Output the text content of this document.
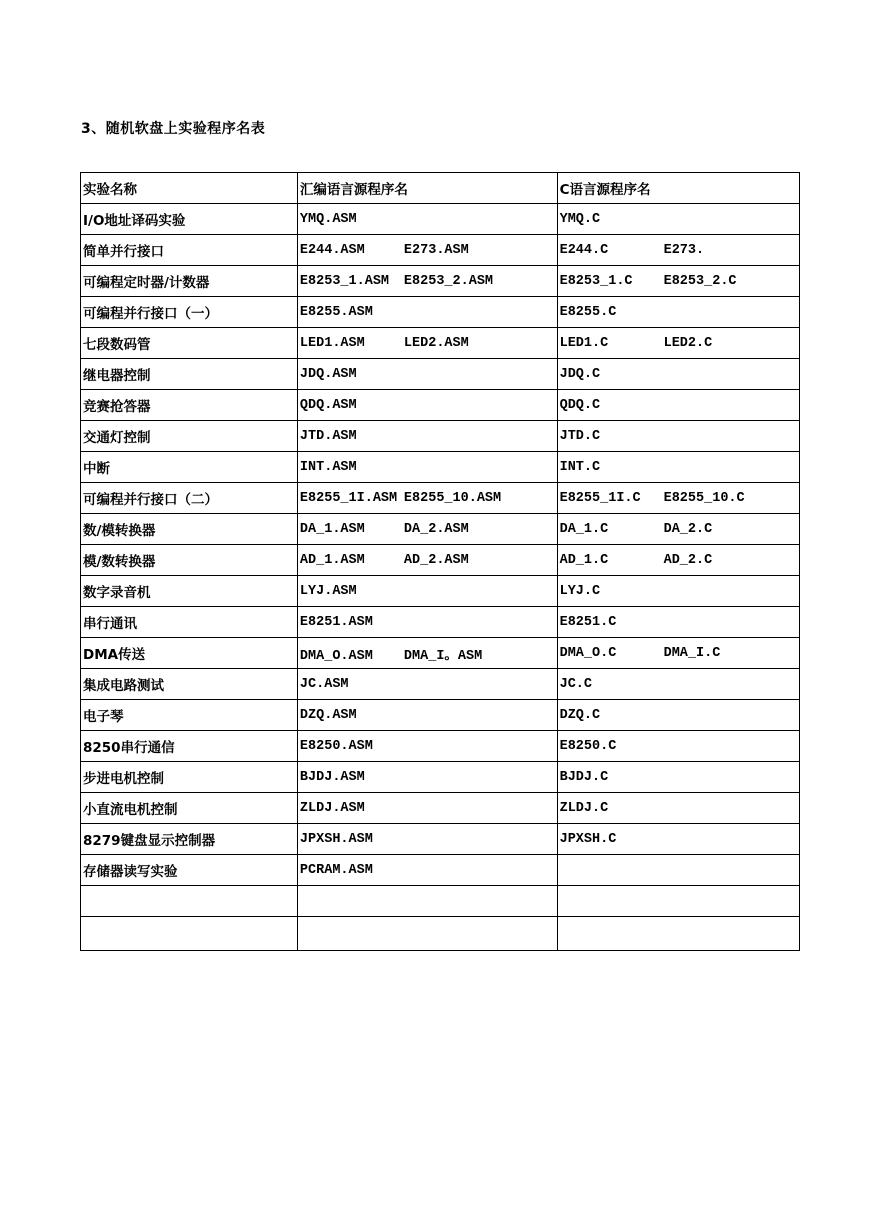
3、随机软盘上实验程序名表
实验名称	汇编语言源程序名	C语言源程序名
I/O地址译码实验	YMQ.ASM	YMQ.C
简单并行接口	E244.ASM E273.ASM	E244.C E273.
可编程定时器/计数器	E8253_1.ASM E8253_2.ASM	E8253_1.C E8253_2.C
可编程并行接口（一）	E8255.ASM	E8255.C
七段数码管	LED1.ASM LED2.ASM	LED1.C LED2.C
继电器控制	JDQ.ASM	JDQ.C
竞赛抢答器	QDQ.ASM	QDQ.C
交通灯控制	JTD.ASM	JTD.C
中断	INT.ASM	INT.C
可编程并行接口（二）	E8255_1I.ASM E8255_10.ASM	E8255_1I.C E8255_10.C
数/模转换器	DA_1.ASM DA_2.ASM	DA_1.C DA_2.C
模/数转换器	AD_1.ASM AD_2.ASM	AD_1.C AD_2.C
数字录音机	LYJ.ASM	LYJ.C
串行通讯	E8251.ASM	E8251.C
DMA传送	DMA_O.ASM DMA_I。ASM	DMA_O.C DMA_I.C
集成电路测试	JC.ASM	JC.C
电子琴	DZQ.ASM	DZQ.C
8250串行通信	E8250.ASM	E8250.C
步进电机控制	BJDJ.ASM	BJDJ.C
小直流电机控制	ZLDJ.ASM	ZLDJ.C
8279键盘显示控制器	JPXSH.ASM	JPXSH.C
存储器读写实验	PCRAM.ASM	
